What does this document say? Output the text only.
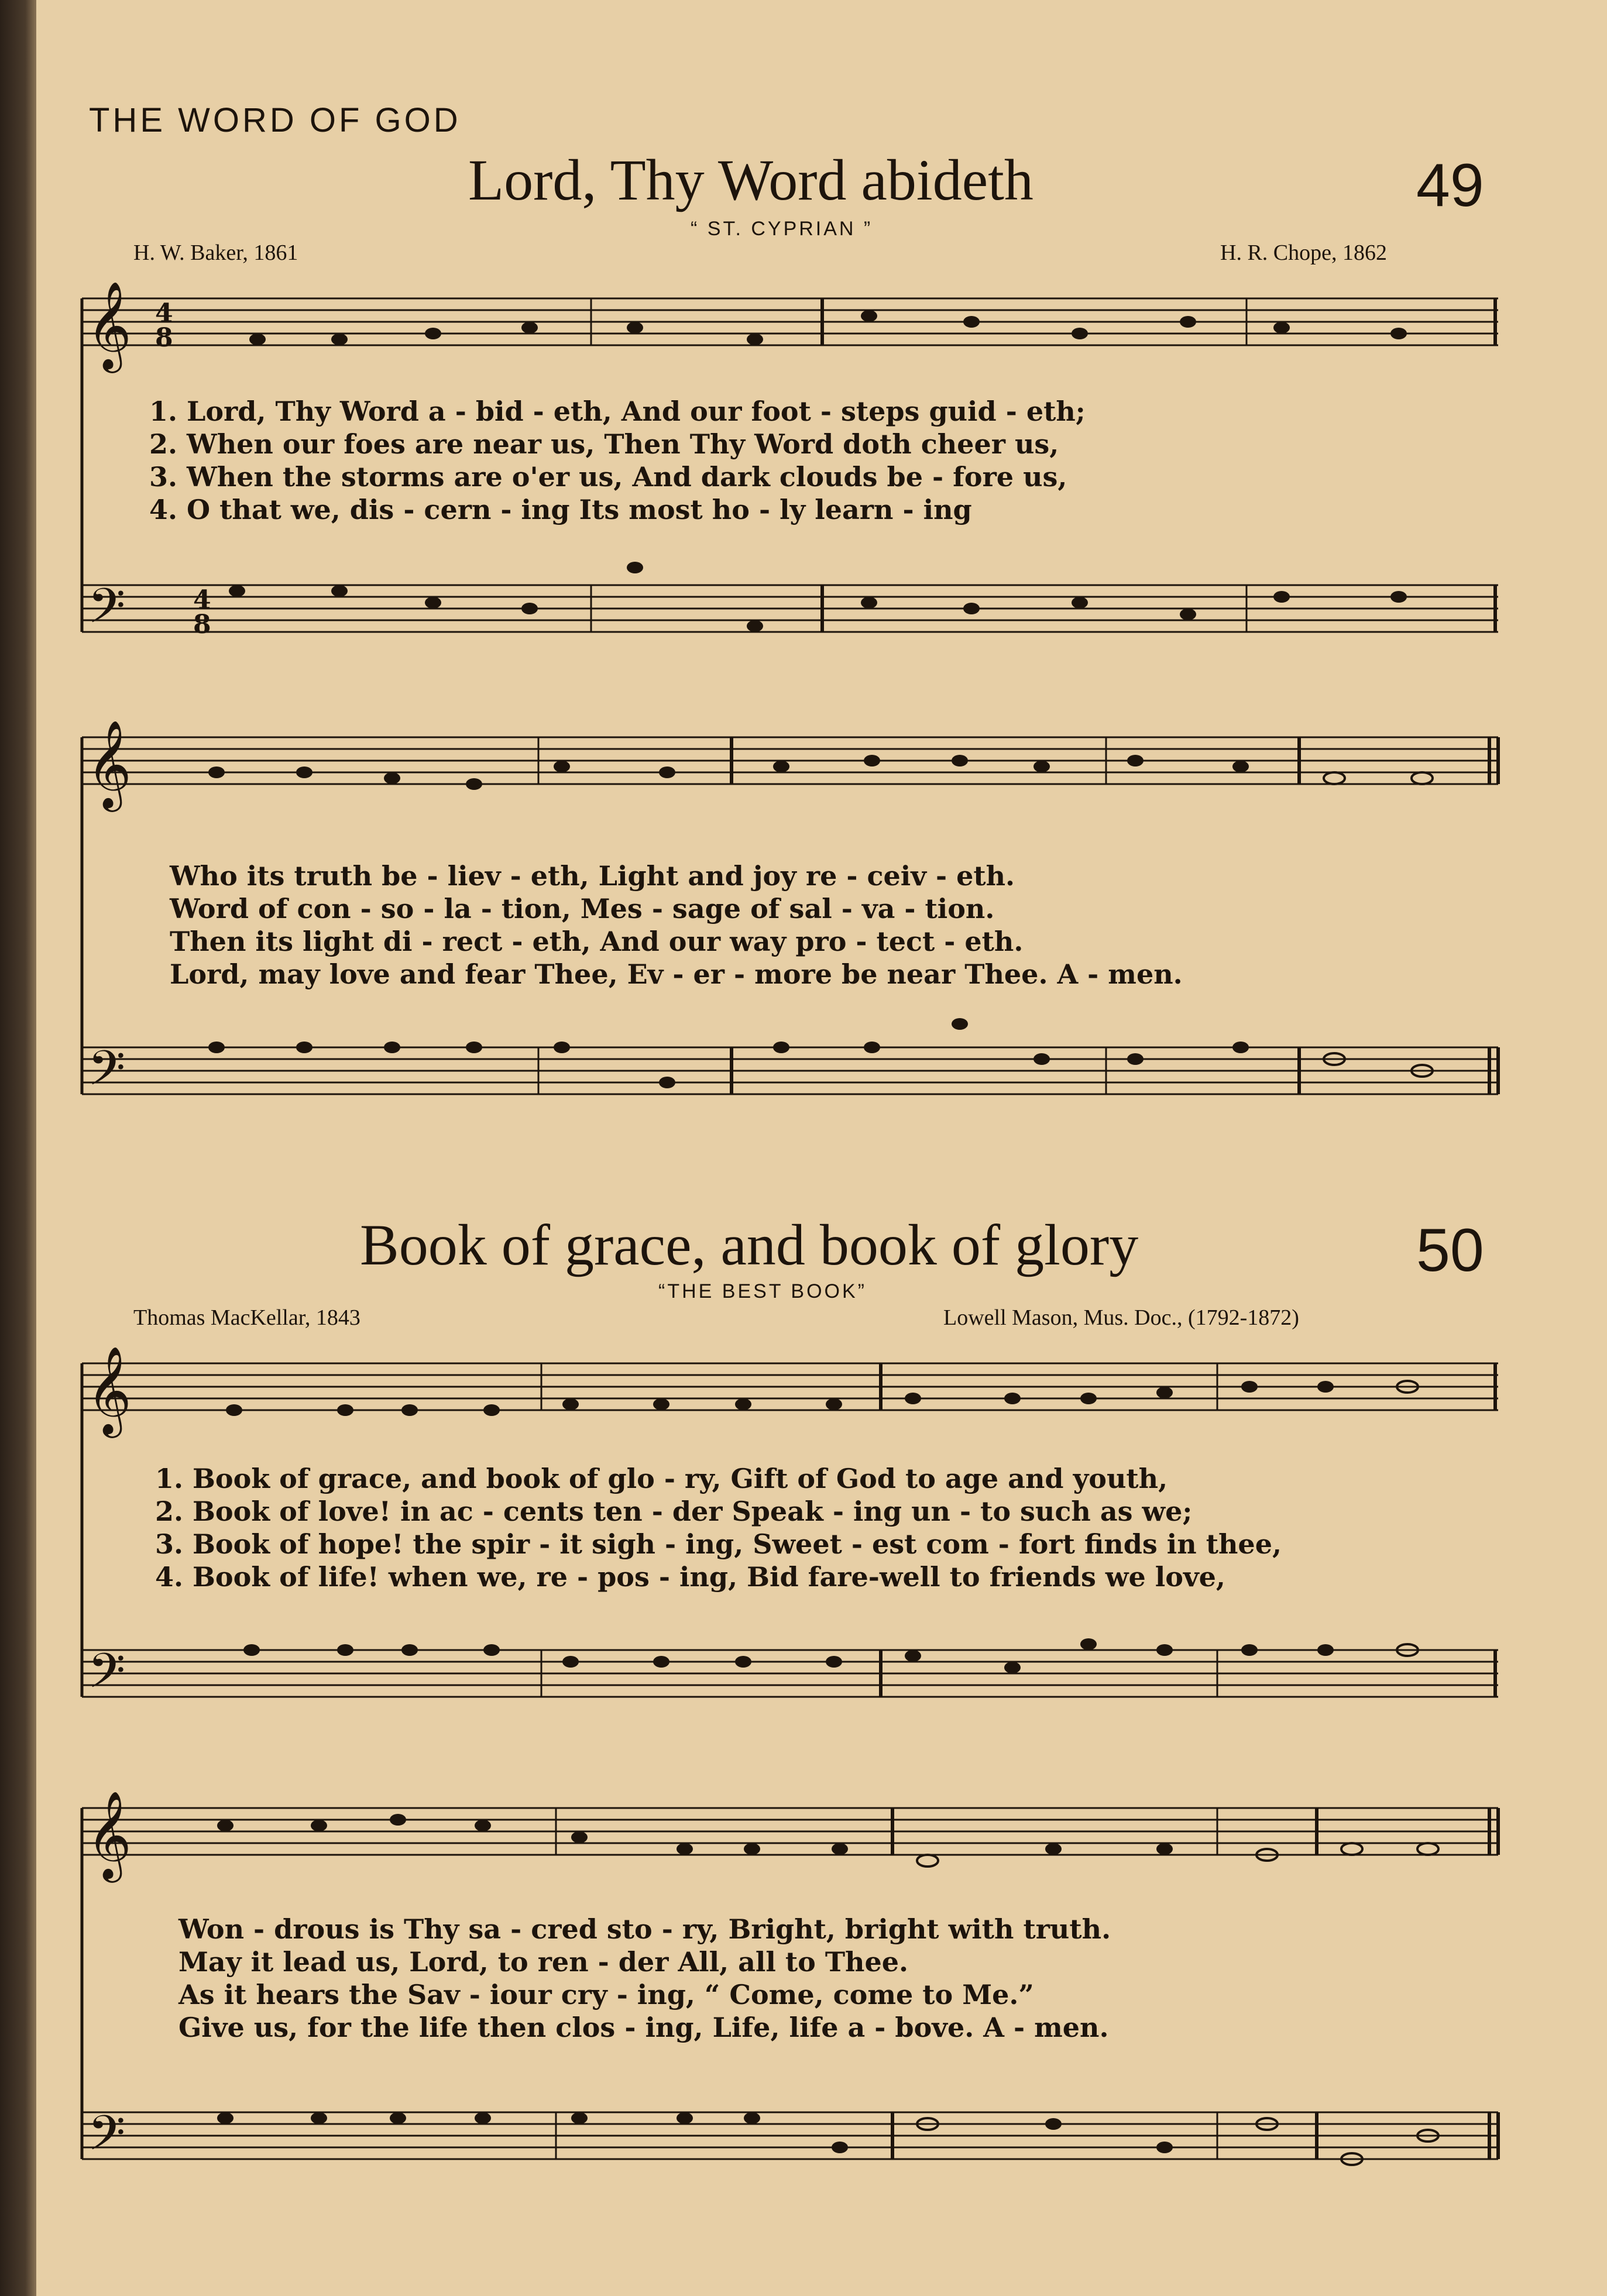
THE WORD OF GOD
Lord, Thy Word abideth	49
“ ST. CYPRIAN ”
H. W. Baker, 1861	H. R. Chope, 1862
𝄞
𝄢
4
8
4
8
1. Lord, Thy Word a - bid - eth, And our foot - steps guid - eth;
2. When our foes are near us, Then Thy Word doth cheer us,
3. When the storms are o'er us, And dark clouds be - fore us,
4. O that we, dis - cern - ing Its most ho - ly learn - ing
𝄞
𝄢
Who its truth be - liev - eth, Light and joy re - ceiv - eth.
Word of con - so - la - tion, Mes - sage of sal - va - tion.
Then its light di - rect - eth, And our way pro - tect - eth.
Lord, may love and fear Thee, Ev - er - more be near Thee. A - men.
Book of grace, and book of glory	50
“THE BEST BOOK”
Thomas MacKellar, 1843	Lowell Mason, Mus. Doc., (1792-1872)
𝄞
𝄢
1. Book of grace, and book of glo - ry, Gift of God to age and youth,
2. Book of love! in ac - cents ten - der Speak - ing un - to such as we;
3. Book of hope! the spir - it sigh - ing, Sweet - est com - fort finds in thee,
4. Book of life! when we, re - pos - ing, Bid fare-well to friends we love,
𝄞
𝄢
Won - drous is Thy sa - cred sto - ry, Bright, bright with truth.
May it lead us, Lord, to ren - der All, all to Thee.
As it hears the Sav - iour cry - ing, “ Come, come to Me.”
Give us, for the life then clos - ing, Life, life a - bove. A - men.
